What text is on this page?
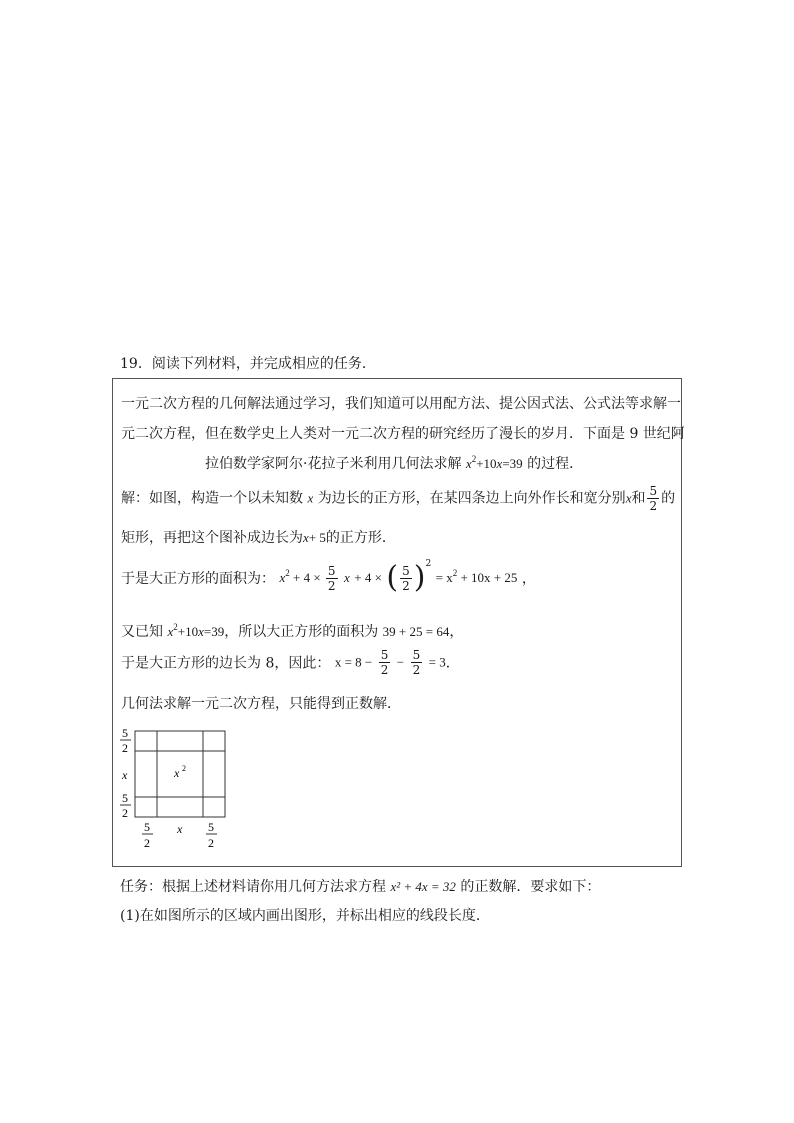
19．阅读下列材料，并完成相应的任务．
一元二次方程的几何解法通过学习，我们知道可以用配方法、提公因式法、公式法等求解一
元二次方程，但在数学史上人类对一元二次方程的研究经历了漫长的岁月．下面是 9 世纪阿
拉伯数学家阿尔·花拉子米利用几何法求解 $x^2+10x=39$ 的过程．
解：如图，构造一个以未知数 x 为边长的正方形，在某四条边上向外作长和宽分别x和 $\frac{5}{2}$ 的
矩形，再把这个图补成边长为x+ 5的正方形．
于是大正方形的面积为： $x^2 + 4 \times \frac{5}{2}$ x + 4 × ( $\frac{5}{2} )^2 = x^2 + 10x + 25$ ，
又已知 $x^2+10x=39$，所以大正方形的面积为 39 + 25 = 64，
于是大正方形的边长为 8，因此： $x = 8 - \frac{5}{2} - \frac{5}{2} = 3$．
几何法求解一元二次方程，只能得到正数解．
x 2
5
2
x
5
2
5
2
x 5
2
任务：根据上述材料请你用几何方法求方程 x² + 4x = 32 的正数解．要求如下：
(1)在如图所示的区域内画出图形，并标出相应的线段长度．
